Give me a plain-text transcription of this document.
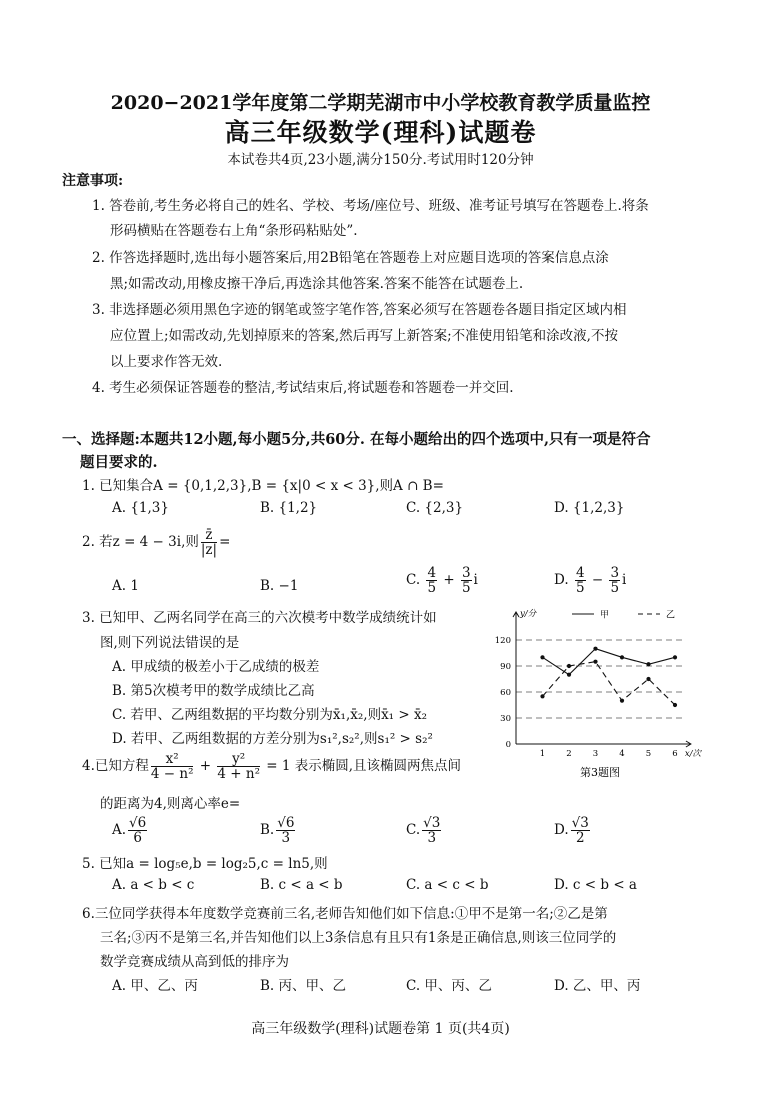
2020−2021学年度第二学期芜湖市中小学校教育教学质量监控
高三年级数学(理科)试题卷
本试卷共4页,23小题,满分150分.考试用时120分钟
注意事项:
1. 答卷前,考生务必将自己的姓名、学校、考场/座位号、班级、准考证号填写在答题卷上.将条
形码横贴在答题卷右上角“条形码粘贴处”.
2. 作答选择题时,选出每小题答案后,用2B铅笔在答题卷上对应题目选项的答案信息点涂
黑;如需改动,用橡皮擦干净后,再选涂其他答案.答案不能答在试题卷上.
3. 非选择题必须用黑色字迹的钢笔或签字笔作答,答案必须写在答题卷各题目指定区域内相
应位置上;如需改动,先划掉原来的答案,然后再写上新答案;不准使用铅笔和涂改液,不按
以上要求作答无效.
4. 考生必须保证答题卷的整洁,考试结束后,将试题卷和答题卷一并交回.
一、选择题:本题共12小题,每小题5分,共60分. 在每小题给出的四个选项中,只有一项是符合
题目要求的.
1. 已知集合A = {0,1,2,3},B = {x|0 < x < 3},则A ∩ B=
A. {1,3}	B. {1,2}	C. {2,3}	D. {1,2,3}
2. 若z = 4 − 3i,则 $\frac{z̄}{|z|}$ =
A. 1	B. −1	C. $\frac{4}{5} + \frac{3}{5}$ i	D. $\frac{4}{5} - \frac{3}{5}$ i
3. 已知甲、乙两名同学在高三的六次模考中数学成绩统计如
图,则下列说法错误的是
A. 甲成绩的极差小于乙成绩的极差
B. 第5次模考甲的数学成绩比乙高
C. 若甲、乙两组数据的平均数分别为x̄₁,x̄₂,则x̄₁ > x̄₂
D. 若甲、乙两组数据的方差分别为s₁²,s₂²,则s₁² > s₂²	0
30
60
90
120
1 2 3 4 5 6
y/分
x/次
甲	乙
第3题图
4.已知方程 $\frac{\text{x²}}{\text{4 − n²}} + \frac{\text{y²}}{\text{4 + n²}} = 1$ 表示椭圆,且该椭圆两焦点间
的距离为4,则离心率e=
A. $\frac{√6}{6}$	B. $\frac{√6}{3}$	C. $\frac{√3}{3}$	D. $\frac{√3}{2}$
5. 已知a = log₅e,b = log₂5,c = ln5,则
A. a < b < c	B. c < a < b	C. a < c < b	D. c < b < a
6.三位同学获得本年度数学竞赛前三名,老师告知他们如下信息:①甲不是第一名;②乙是第
三名;③丙不是第三名,并告知他们以上3条信息有且只有1条是正确信息,则该三位同学的
数学竞赛成绩从高到低的排序为
A. 甲、乙、丙	B. 丙、甲、乙	C. 甲、丙、乙	D. 乙、甲、丙
高三年级数学(理科)试题卷第 1 页(共4页)
